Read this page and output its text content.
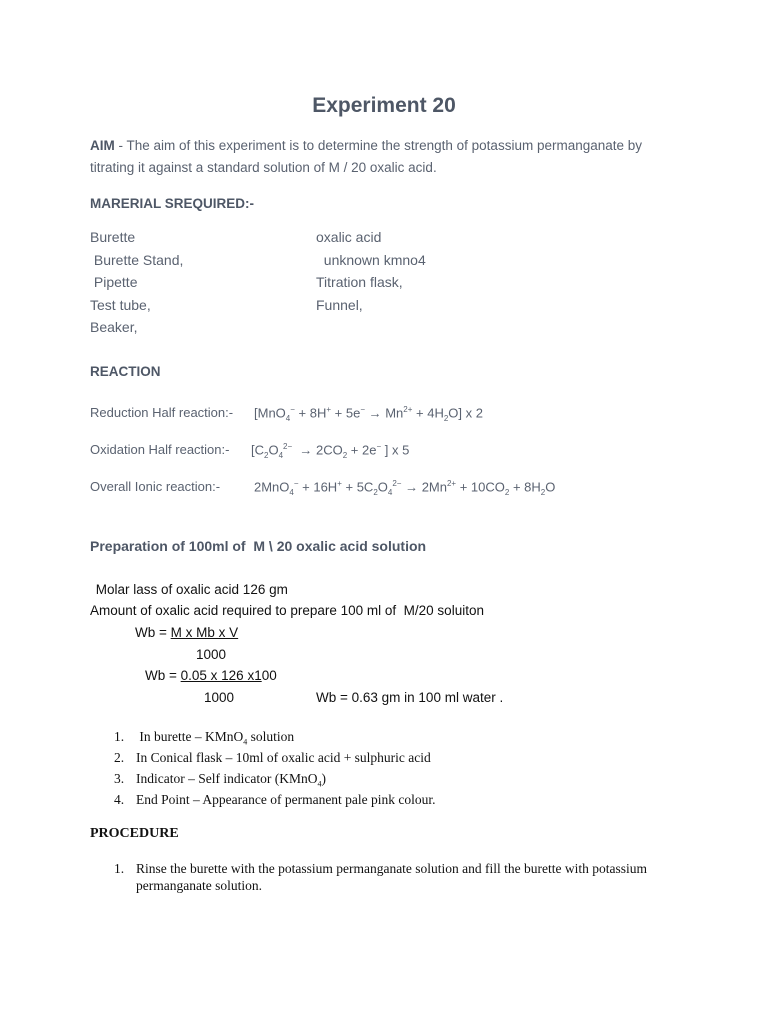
Experiment 20
AIM - The aim of this experiment is to determine the strength of potassium permanganate by
titrating it against a standard solution of M / 20 oxalic acid.
MARERIAL SREQUIRED:-
Burette
Burette Stand,
Pipette
Test tube,
Beaker,
oxalic acid
unknown kmno4
Titration flask,
Funnel,
REACTION
Reduction Half reaction:- $[MnO_4^- + 8H^+ + 5e^- \to Mn^{2+} + 4H_2O]$ x 2
Oxidation Half reaction:- [$C_2O_4^{2-} \to 2CO_2 + 2e^-$ ] x 5
Overall Ionic reaction:-	$2MnO_4^- + 16H^+ + 5C_2O_4^{2-} \to 2Mn^{2+} + 10CO_2 + 8H_2O$
Preparation of 100ml of  M \ 20 oxalic acid solution
Molar lass of oxalic acid 126 gm
Amount of oxalic acid required to prepare 100 ml of  M/20 soluiton
Wb = M x Mb x V
1000
Wb = 0.05 x 126 x100
1000	Wb = 0.63 gm in 100 ml water .
1. In burette – KMnO$_4$ solution
2. In Conical flask – 10ml of oxalic acid + sulphuric acid
3. Indicator – Self indicator (KMnO$_4$)
4. End Point – Appearance of permanent pale pink colour.
PROCEDURE
1. Rinse the burette with the potassium permanganate solution and fill the burette with potassium
permanganate solution.
